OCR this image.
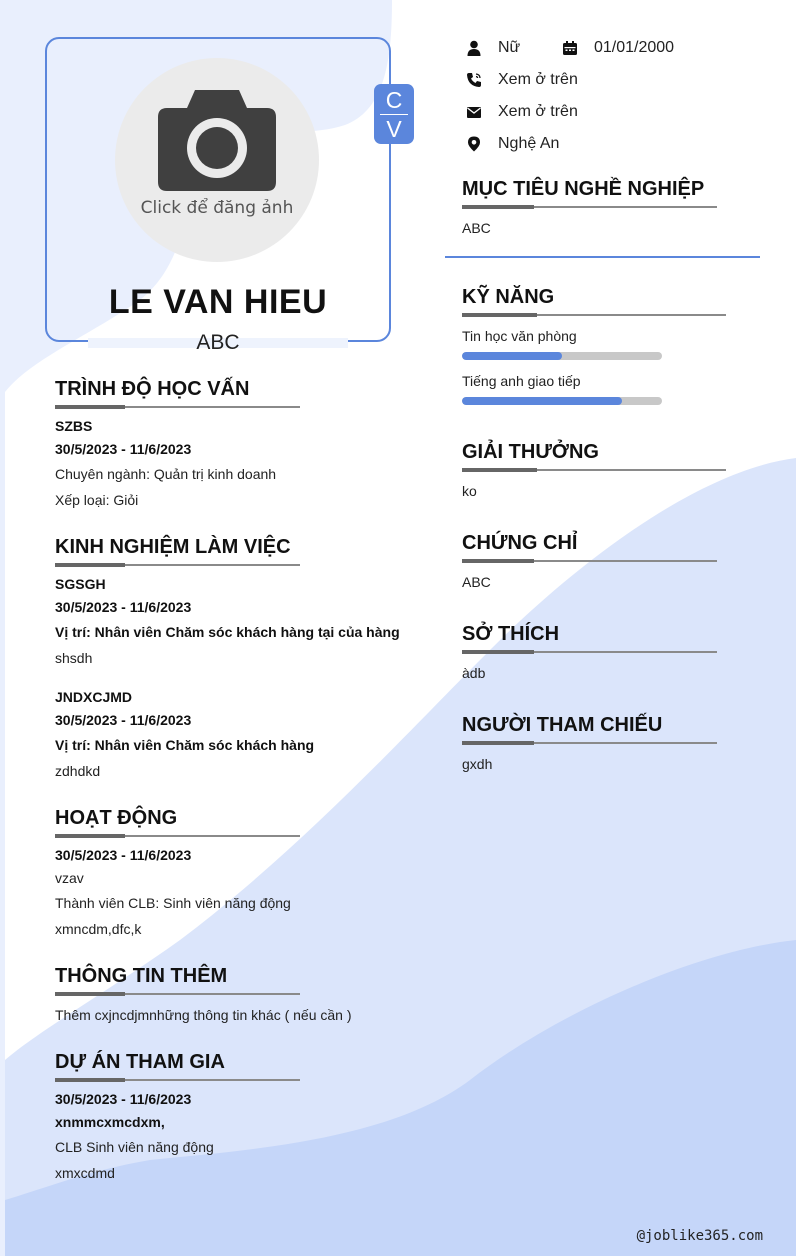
Click để đăng ảnh
C
V
LE VAN HIEU
ABC
Nữ	01/01/2000
Xem ở trên
Xem ở trên
Nghệ An
TRÌNH ĐỘ HỌC VẤN
SZBS
30/5/2023 - 11/6/2023
Chuyên ngành: Quản trị kinh doanh
Xếp loại: Giỏi
KINH NGHIỆM LÀM VIỆC
SGSGH
30/5/2023 - 11/6/2023
Vị trí: Nhân viên Chăm sóc khách hàng tại của hàng
shsdh
JNDXCJMD
30/5/2023 - 11/6/2023
Vị trí: Nhân viên Chăm sóc khách hàng
zdhdkd
HOẠT ĐỘNG
30/5/2023 - 11/6/2023
vzav
Thành viên CLB: Sinh viên năng động
xmncdm,dfc,k
THÔNG TIN THÊM
Thêm cxjncdjmnhững thông tin khác ( nếu cần )
DỰ ÁN THAM GIA
30/5/2023 - 11/6/2023
xnmmcxmcdxm,
CLB Sinh viên năng động
xmxcdmd
MỤC TIÊU NGHỀ NGHIỆP
ABC
KỸ NĂNG
Tin học văn phòng
Tiếng anh giao tiếp
GIẢI THƯỞNG
ko
CHỨNG CHỈ
ABC
SỞ THÍCH
àdb
NGƯỜI THAM CHIẾU
gxdh
@joblike365.com
